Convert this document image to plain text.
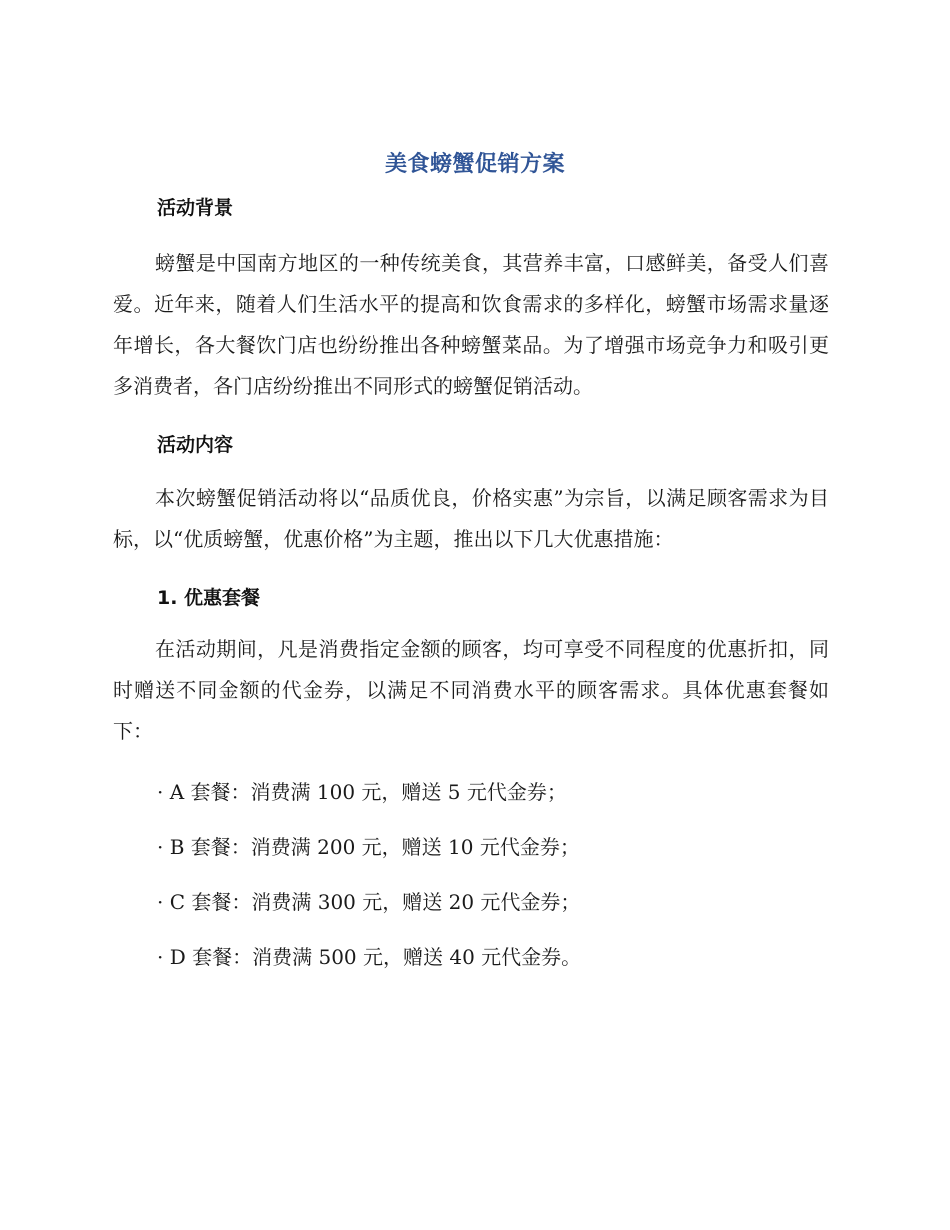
美食螃蟹促销方案
活动背景

螃蟹是中国南方地区的一种传统美食，其营养丰富，口感鲜美，备受人们喜爱。近年来，随着人们生活水平的提高和饮食需求的多样化，螃蟹市场需求量逐年增长，各大餐饮门店也纷纷推出各种螃蟹菜品。为了增强市场竞争力和吸引更多消费者，各门店纷纷推出不同形式的螃蟹促销活动。

活动内容

本次螃蟹促销活动将以“品质优良，价格实惠”为宗旨，以满足顾客需求为目标，以“优质螃蟹，优惠价格”为主题，推出以下几大优惠措施：

1. 优惠套餐

在活动期间，凡是消费指定金额的顾客，均可享受不同程度的优惠折扣，同时赠送不同金额的代金券，以满足不同消费水平的顾客需求。具体优惠套餐如下：

· A 套餐：消费满 100 元，赠送 5 元代金券；
· B 套餐：消费满 200 元，赠送 10 元代金券；
· C 套餐：消费满 300 元，赠送 20 元代金券；
· D 套餐：消费满 500 元，赠送 40 元代金券。
